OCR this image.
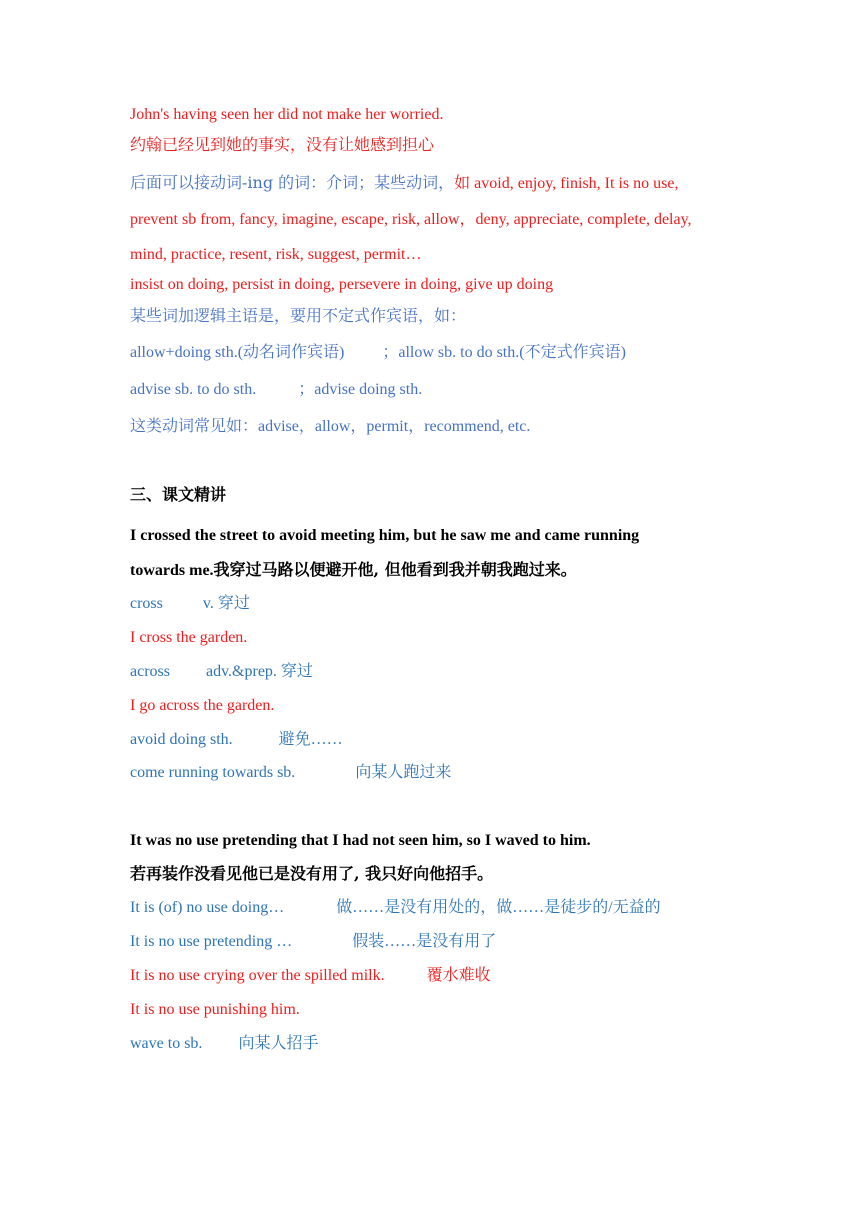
John's having seen her did not make her worried.
约翰已经见到她的事实，没有让她感到担心
后面可以接动词-ing 的词：介词；某些动词，如 avoid, enjoy, finish, It is no use,
prevent sb from, fancy, imagine, escape, risk, allow，deny, appreciate, complete, delay,
mind, practice, resent, risk, suggest, permit…
insist on doing, persist in doing, persevere in doing, give up doing
某些词加逻辑主语是，要用不定式作宾语，如：
allow+doing sth.(动名词作宾语) ；allow sb. to do sth.(不定式作宾语)
advise sb. to do sth.	；advise doing sth.
这类动词常见如：advise，allow，permit，recommend, etc.
三、课文精讲
I crossed the street to avoid meeting him, but he saw me and came running
towards me.我穿过马路以便避开他, 但他看到我并朝我跑过来。
cross	v. 穿过
I cross the garden.
across adv.&prep. 穿过
I go across the garden.
avoid doing sth.	避免……
come running towards sb.	向某人跑过来
It was no use pretending that I had not seen him, so I waved to him.
若再装作没看见他已是没有用了, 我只好向他招手。
It is (of) no use doing…	做……是没有用处的，做……是徒步的/无益的
It is no use pretending …	假装……是没有用了
It is no use crying over the spilled milk.	覆水难收
It is no use punishing him.
wave to sb. 向某人招手
